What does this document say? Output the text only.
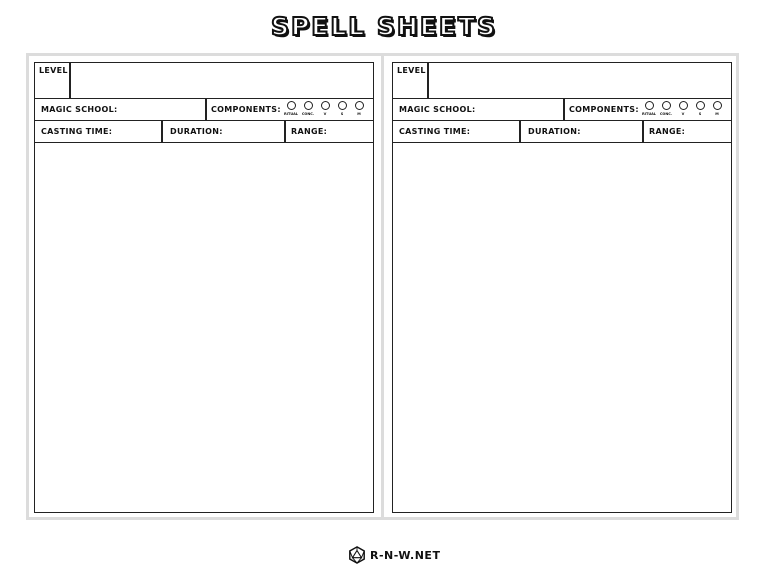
SPELL SHEETS
LEVEL
MAGIC SCHOOL:	COMPONENTS: RITUAL	CONC.	V	S	M
CASTING TIME:	DURATION:	RANGE:
LEVEL
MAGIC SCHOOL:	COMPONENTS: RITUAL	CONC.	V	S	M
CASTING TIME:	DURATION:	RANGE:
R-N-W.NET
